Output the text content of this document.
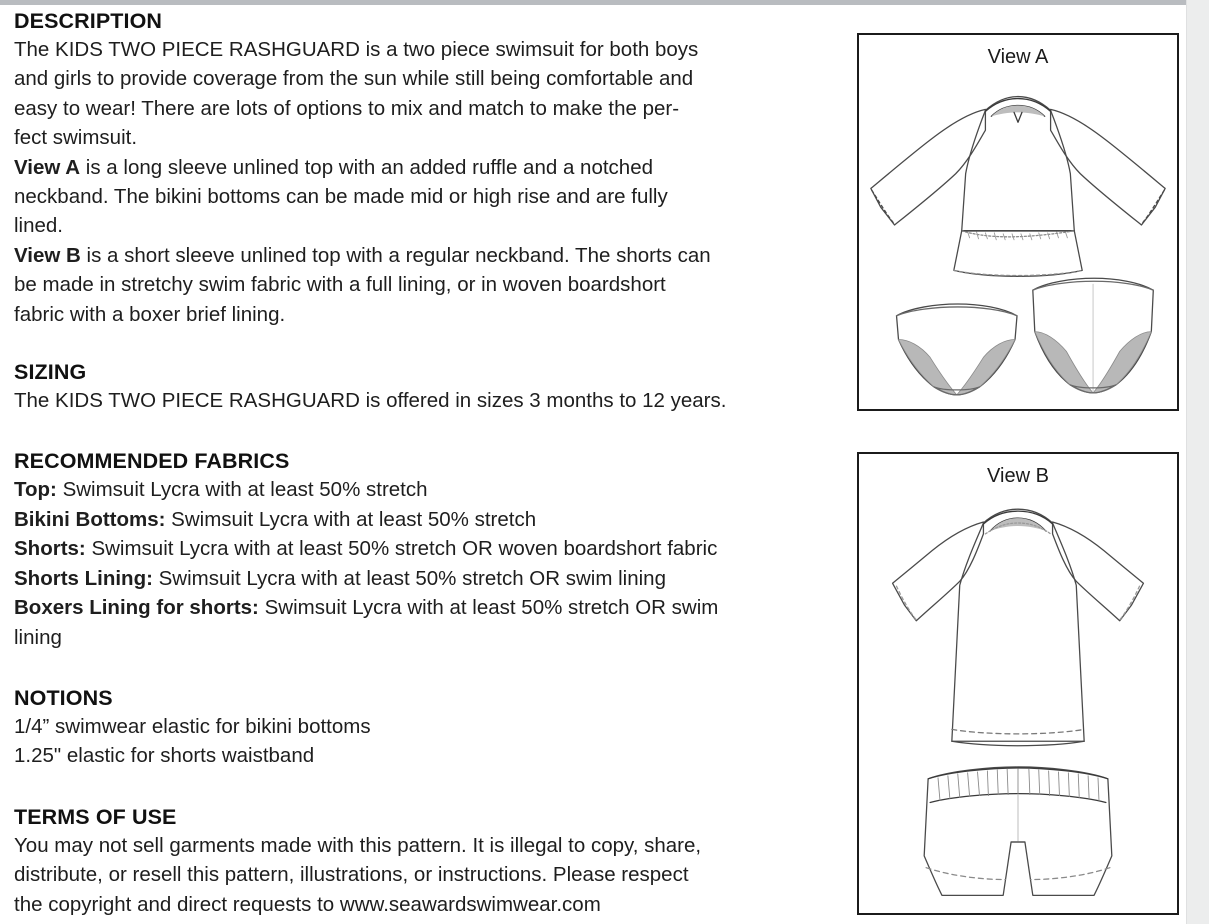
DESCRIPTION
The KIDS TWO PIECE RASHGUARD is a two piece swimsuit for both boys
and girls to provide coverage from the sun while still being comfortable and
easy to wear! There are lots of options to mix and match to make the per-
fect swimsuit.
View A is a long sleeve unlined top with an added ruffle and a notched
neckband. The bikini bottoms can be made mid or high rise and are fully
lined.
View B is a short sleeve unlined top with a regular neckband. The shorts can
be made in stretchy swim fabric with a full lining, or in woven boardshort
fabric with a boxer brief lining.
SIZING
The KIDS TWO PIECE RASHGUARD is offered in sizes 3 months to 12 years.
RECOMMENDED FABRICS
Top: Swimsuit Lycra with at least 50% stretch
Bikini Bottoms: Swimsuit Lycra with at least 50% stretch
Shorts: Swimsuit Lycra with at least 50% stretch OR woven boardshort fabric
Shorts Lining: Swimsuit Lycra with at least 50% stretch OR swim lining
Boxers Lining for shorts: Swimsuit Lycra with at least 50% stretch OR swim
lining
NOTIONS
1/4” swimwear elastic for bikini bottoms
1.25" elastic for shorts waistband
TERMS OF USE
You may not sell garments made with this pattern. It is illegal to copy, share,
distribute, or resell this pattern, illustrations, or instructions. Please respect
the copyright and direct requests to www.seawardswimwear.com
View A
View B
